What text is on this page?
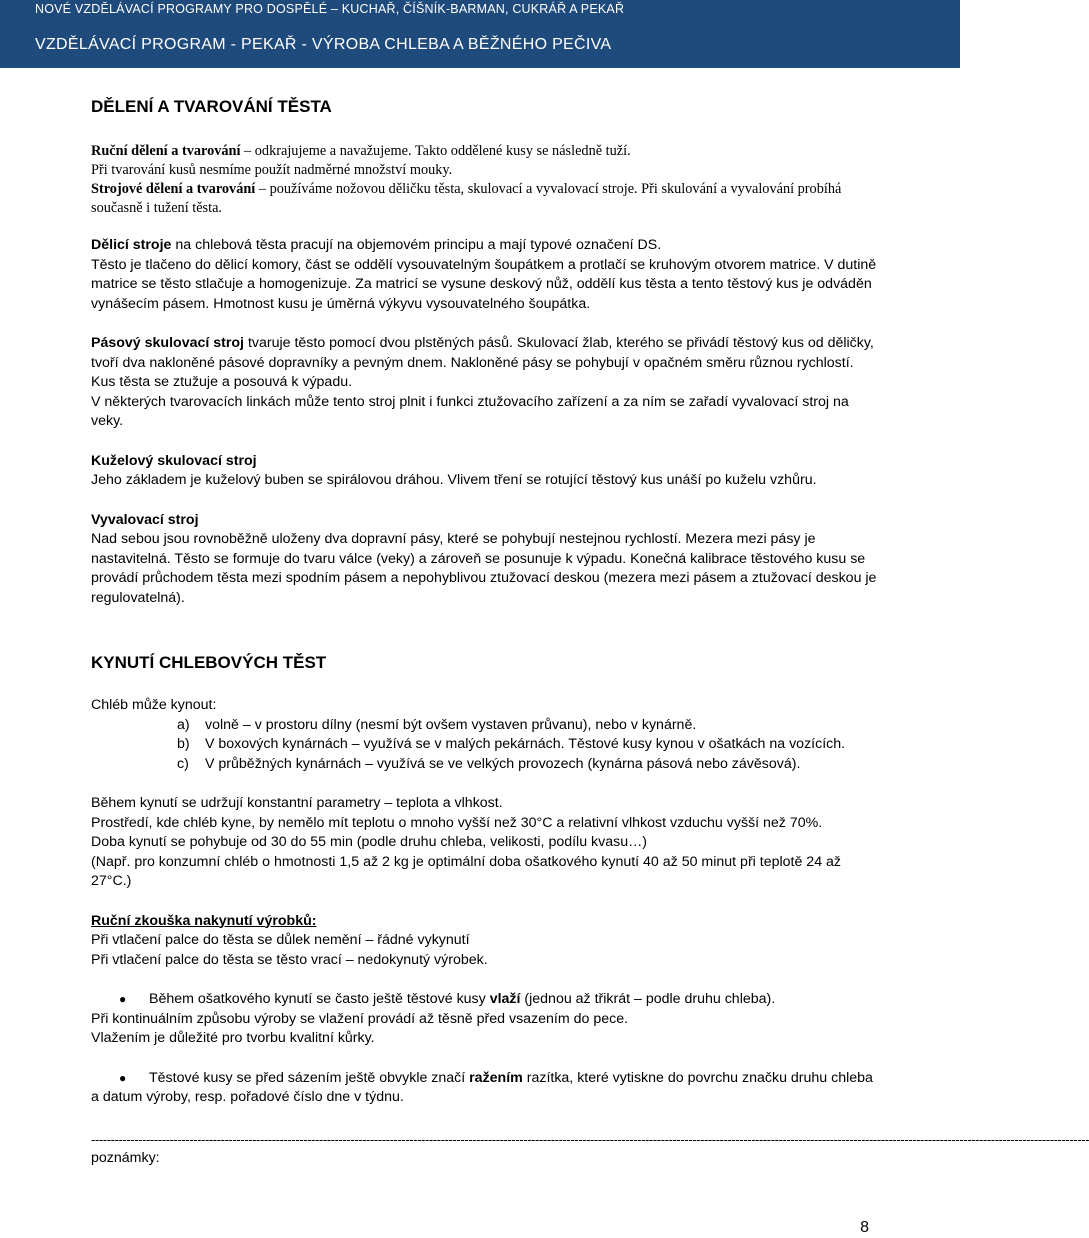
NOVÉ VZDĚLÁVACÍ PROGRAMY PRO DOSPĚLÉ – KUCHAŘ, ČÍŠNÍK-BARMAN, CUKRÁŘ A PEKAŘ
VZDĚLÁVACÍ PROGRAM - PEKAŘ - VÝROBA CHLEBA A BĚŽNÉHO PEČIVA

DĚLENÍ A TVAROVÁNÍ TĚSTA

Ruční dělení a tvarování – odkrajujeme a navažujeme. Takto oddělené kusy se následně tuží.

Při tvarování kusů nesmíme použít nadměrné množství mouky.

Strojové dělení a tvarování – používáme nožovou děličku těsta, skulovací a vyvalovací stroje. Při skulování a vyvalování probíhá současně i tužení těsta.

Dělicí stroje na chlebová těsta pracují na objemovém principu a mají typové označení DS.

Těsto je tlačeno do dělicí komory, část se oddělí vysouvatelným šoupátkem a protlačí se kruhovým otvorem matrice. V dutině matrice se těsto stlačuje a homogenizuje. Za matricí se vysune deskový nůž, oddělí kus těsta a tento těstový kus je odváděn vynášecím pásem. Hmotnost kusu je úměrná výkyvu vysouvatelného šoupátka.

Pásový skulovací stroj tvaruje těsto pomocí dvou plstěných pásů. Skulovací žlab, kterého se přivádí těstový kus od děličky, tvoří dva nakloněné pásové dopravníky a pevným dnem. Nakloněné pásy se pohybují v opačném směru různou rychlostí. Kus těsta se ztužuje a posouvá k výpadu.

V některých tvarovacích linkách může tento stroj plnit i funkci ztužovacího zařízení a za ním se zařadí vyvalovací stroj na veky.

Kuželový skulovací stroj

Jeho základem je kuželový buben se spirálovou dráhou. Vlivem tření se rotující těstový kus unáší po kuželu vzhůru.

Vyvalovací stroj

Nad sebou jsou rovnoběžně uloženy dva dopravní pásy, které se pohybují nestejnou rychlostí. Mezera mezi pásy je nastavitelná. Těsto se formuje do tvaru válce (veky) a zároveň se posunuje k výpadu. Konečná kalibrace těstového kusu se provádí průchodem těsta mezi spodním pásem a nepohyblivou ztužovací deskou (mezera mezi pásem a ztužovací deskou je regulovatelná).

KYNUTÍ CHLEBOVÝCH TĚST

Chléb může kynout:

a)	volně – v prostoru dílny (nesmí být ovšem vystaven průvanu), nebo v kynárně.
b)	V boxových kynárnách – využívá se v malých pekárnách. Těstové kusy kynou v ošatkách na vozících.
c)	V průběžných kynárnách – využívá se ve velkých provozech (kynárna pásová nebo závěsová).

Během kynutí se udržují konstantní parametry – teplota a vlhkost.

Prostředí, kde chléb kyne, by nemělo mít teplotu o mnoho vyšší než 30°C a relativní vlhkost vzduchu vyšší než 70%.

Doba kynutí se pohybuje od 30 do 55 min (podle druhu chleba, velikosti, podílu kvasu…)

(Např. pro konzumní chléb o hmotnosti 1,5 až 2 kg je optimální doba ošatkového kynutí 40 až 50 minut při teplotě 24 až 27°C.)

Ruční zkouška nakynutí výrobků:

Při vtlačení palce do těsta se důlek nemění – řádné vykynutí

Při vtlačení palce do těsta se těsto vrací – nedokynutý výrobek.

●	Během ošatkového kynutí se často ještě těstové kusy vlaží (jednou až třikrát – podle druhu chleba).

Při kontinuálním způsobu výroby se vlažení provádí až těsně před vsazením do pece.

Vlažením je důležité pro tvorbu kvalitní kůrky.

● Těstové kusy se před sázením ještě obvykle značí ražením razítka, které vytiskne do povrchu značku druhu chleba a datum výroby, resp. pořadové číslo dne v týdnu.
--------------------------------------------------------------------------------------------------------------------------------------------------------------------------------------------------------------------------------------------------------------

poznámky:

8
